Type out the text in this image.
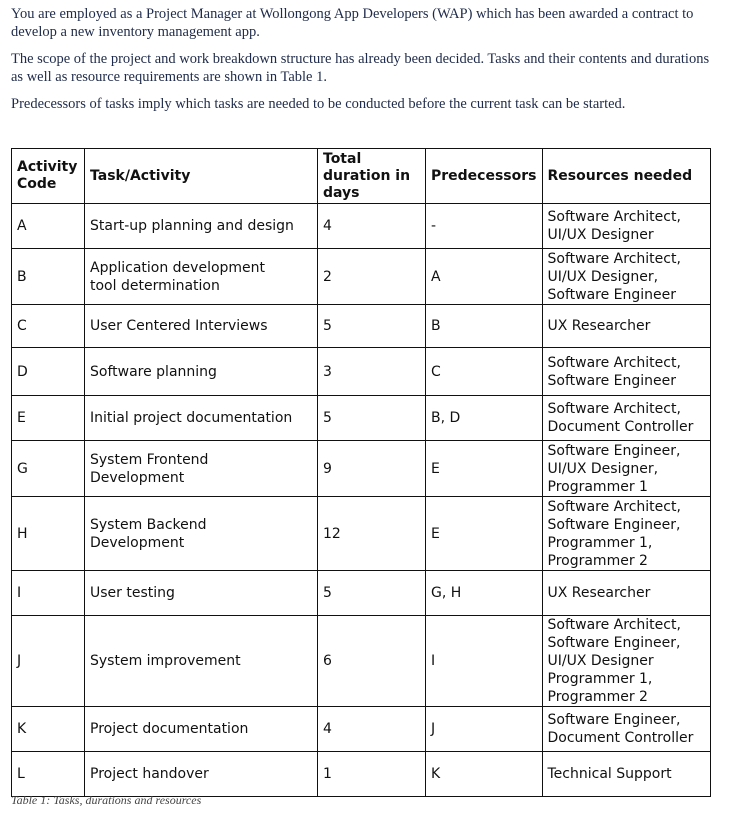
You are employed as a Project Manager at Wollongong App Developers (WAP) which has been awarded a contract to develop a new inventory management app.

The scope of the project and work breakdown structure has already been decided. Tasks and their contents and durations as well as resource requirements are shown in Table 1.

Predecessors of tasks imply which tasks are needed to be conducted before the current task can be started.

Activity Code	Task/Activity	Total duration in days	Predecessors	Resources needed
A	Start-up planning and design	4	-	Software Architect,
UI/UX Designer
B	Application development
tool determination	2	A	Software Architect,
UI/UX Designer,
Software Engineer
C	User Centered Interviews	5	B	UX Researcher
D	Software planning	3	C	Software Architect,
Software Engineer
E	Initial project documentation	5	B, D	Software Architect,
Document Controller
G	System Frontend
Development	9	E	Software Engineer,
UI/UX Designer,
Programmer 1
H	System Backend
Development	12	E	Software Architect,
Software Engineer,
Programmer 1,
Programmer 2
I	User testing	5	G, H	UX Researcher
J	System improvement	6	I	Software Architect,
Software Engineer,
UI/UX Designer
Programmer 1,
Programmer 2
K	Project documentation	4	J	Software Engineer,
Document Controller
L	Project handover	1	K	Technical Support
Table 1: Tasks, durations and resources
